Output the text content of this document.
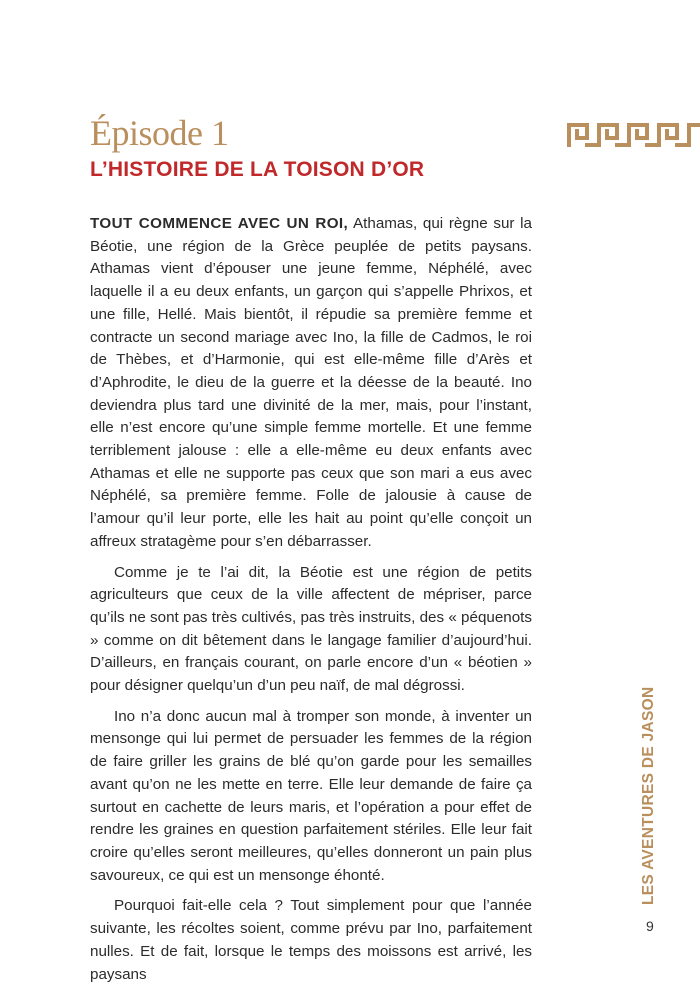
Épisode 1
L’HISTOIRE DE LA TOISON D’OR

TOUT COMMENCE AVEC UN ROI, Athamas, qui règne sur la Béotie, une région de la Grèce peuplée de petits paysans. Athamas vient d’épouser une jeune femme, Néphélé, avec laquelle il a eu deux enfants, un garçon qui s’appelle Phrixos, et une fille, Hellé. Mais bientôt, il répudie sa première femme et contracte un second mariage avec Ino, la fille de Cadmos, le roi de Thèbes, et d’Harmonie, qui est elle-même fille d’Arès et d’Aphrodite, le dieu de la guerre et la déesse de la beauté. Ino deviendra plus tard une divinité de la mer, mais, pour l’instant, elle n’est encore qu’une simple femme mortelle. Et une femme terriblement jalouse : elle a elle-même eu deux enfants avec Athamas et elle ne supporte pas ceux que son mari a eus avec Néphélé, sa première femme. Folle de jalousie à cause de l’amour qu’il leur porte, elle les hait au point qu’elle conçoit un affreux stratagème pour s’en débarrasser.

Comme je te l’ai dit, la Béotie est une région de petits agriculteurs que ceux de la ville affectent de mépriser, parce qu’ils ne sont pas très cultivés, pas très instruits, des « péquenots » comme on dit bêtement dans le langage familier d’aujourd’hui. D’ailleurs, en français courant, on parle encore d’un « béotien » pour désigner quelqu’un d’un peu naïf, de mal dégrossi.

Ino n’a donc aucun mal à tromper son monde, à inventer un mensonge qui lui permet de persuader les femmes de la région de faire griller les grains de blé qu’on garde pour les semailles avant qu’on ne les mette en terre. Elle leur demande de faire ça surtout en cachette de leurs maris, et l’opération a pour effet de rendre les graines en question parfaitement stériles. Elle leur fait croire qu’elles seront meilleures, qu’elles donneront un pain plus savoureux, ce qui est un mensonge éhonté.

Pourquoi fait-elle cela ? Tout simplement pour que l’année suivante, les récoltes soient, comme prévu par Ino, parfaitement nulles. Et de fait, lorsque le temps des moissons est arrivé, les paysans

LES AVENTURES DE JASON
9
